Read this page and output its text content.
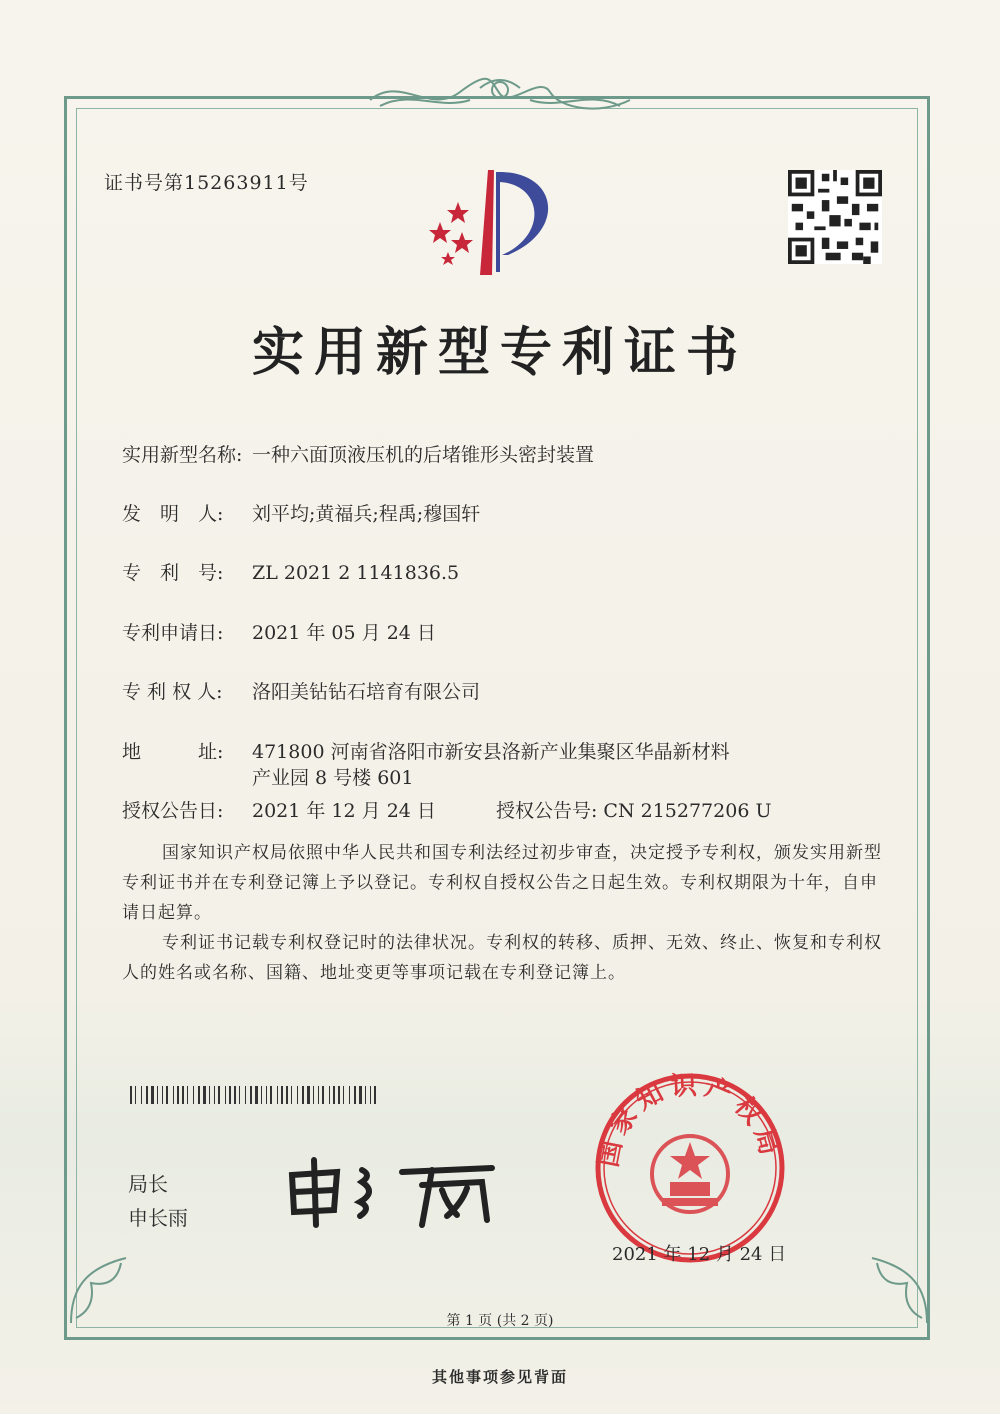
证书号第15263911号
实用新型专利证书
实用新型名称: 一种六面顶液压机的后堵锥形头密封装置
发　明　人: 刘平均;黄福兵;程禹;穆国轩
专　利　号: ZL 2021 2 1141836.5
专利申请日: 2021 年 05 月 24 日
专 利 权 人: 洛阳美钻钻石培育有限公司
地　　　址: 471800 河南省洛阳市新安县洛新产业集聚区华晶新材料
产业园 8 号楼 601
授权公告日: 2021 年 12 月 24 日	授权公告号: CN 215277206 U
国家知识产权局依照中华人民共和国专利法经过初步审查，决定授予专利权，颁发实用新型专利证书并在专利登记簿上予以登记。专利权自授权公告之日起生效。专利权期限为十年，自申请日起算。
专利证书记载专利权登记时的法律状况。专利权的转移、质押、无效、终止、恢复和专利权人的姓名或名称、国籍、地址变更等事项记载在专利登记簿上。
局长
申长雨
国家知识产权局
2021 年 12 月 24 日
第 1 页 (共 2 页)
其他事项参见背面
